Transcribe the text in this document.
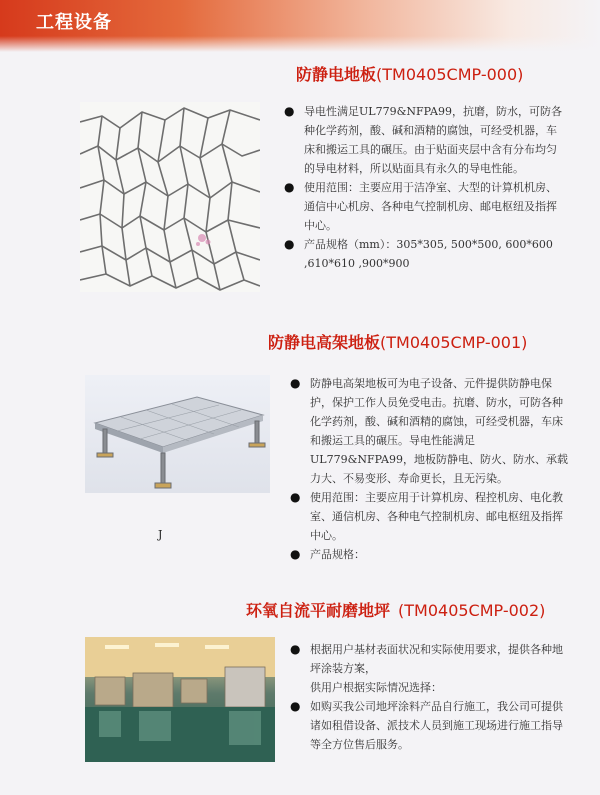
工程设备
防静电地板(TM0405CMP-000)
● 导电性满足UL779&NFPA99，抗磨，防水，可防各种化学药剂，酸、碱和酒精的腐蚀，可经受机器，车床和搬运工具的碾压。由于贴面夹层中含有分布均匀的导电材料，所以贴面具有永久的导电性能。
● 使用范围：主要应用于洁净室、大型的计算机机房、通信中心机房、各种电气控制机房、邮电枢纽及指挥中心。
● 产品规格（mm）：305*305, 500*500, 600*600 ,610*610 ,900*900
防静电高架地板(TM0405CMP-001)
J
● 防静电高架地板可为电子设备、元件提供防静电保护，保护工作人员免受电击。抗磨、防水，可防各种化学药剂，酸、碱和酒精的腐蚀，可经受机器，车床和搬运工具的碾压。导电性能满足UL779&NFPA99，地板防静电、防火、防水、承载力大、不易变形、寿命更长，且无污染。
● 使用范围：主要应用于计算机房、程控机房、电化教室、通信机房、各种电气控制机房、邮电枢纽及指挥中心。
● 产品规格：
环氧自流平耐磨地坪 (TM0405CMP-002)
● 根据用户基材表面状况和实际使用要求，提供各种地坪涂装方案，
供用户根据实际情况选择：
● 如购买我公司地坪涂料产品自行施工，我公司可提供诸如租借设备、派技术人员到施工现场进行施工指导等全方位售后服务。
